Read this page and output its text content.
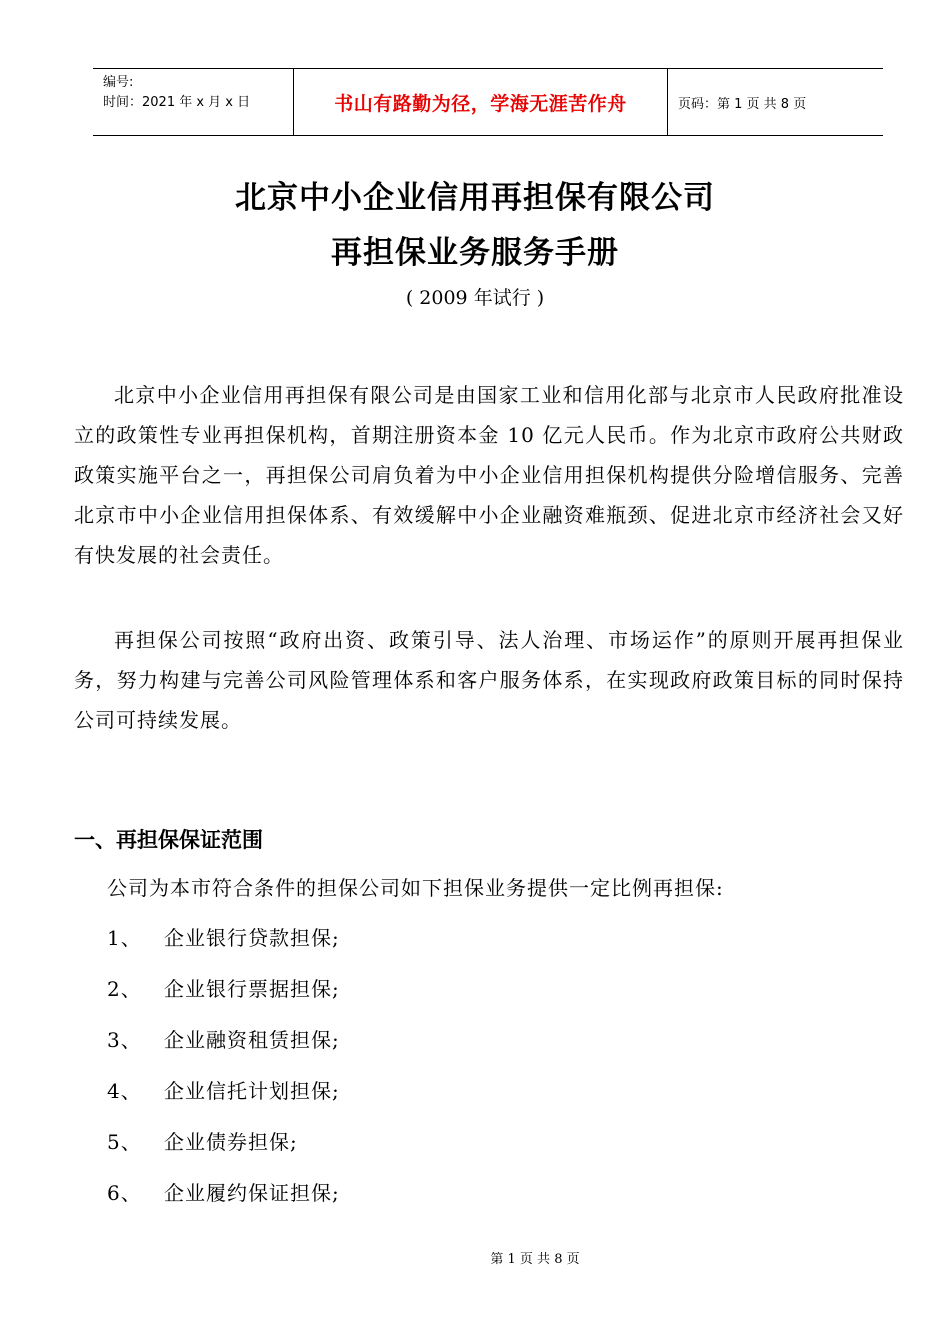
编号:
时间：2021 年 x 月 x 日	书山有路勤为径，学海无涯苦作舟	页码：第 1 页 共 8 页
北京中小企业信用再担保有限公司
再担保业务服务手册
( 2009 年试行 )
北京中小企业信用再担保有限公司是由国家工业和信用化部与北京市人民政府批准设立的政策性专业再担保机构，首期注册资本金 10 亿元人民币。作为北京市政府公共财政政策实施平台之一，再担保公司肩负着为中小企业信用担保机构提供分险增信服务、完善北京市中小企业信用担保体系、有效缓解中小企业融资难瓶颈、促进北京市经济社会又好有快发展的社会责任。
再担保公司按照“政府出资、政策引导、法人治理、市场运作”的原则开展再担保业务，努力构建与完善公司风险管理体系和客户服务体系，在实现政府政策目标的同时保持公司可持续发展。
一、再担保保证范围
公司为本市符合条件的担保公司如下担保业务提供一定比例再担保:
1、	企业银行贷款担保;
2、	企业银行票据担保;
3、	企业融资租赁担保;
4、	企业信托计划担保;
5、	企业债券担保;
6、	企业履约保证担保;
第 1 页 共 8 页
